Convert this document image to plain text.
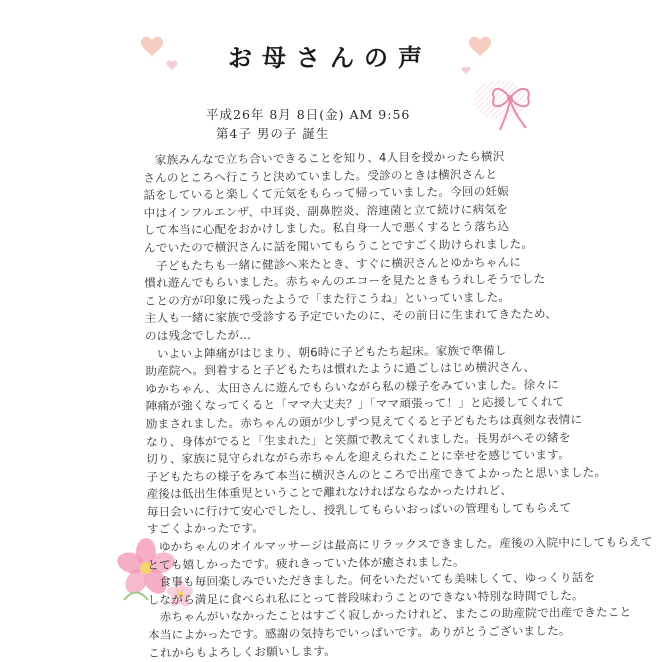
お母さんの声
平成26年 8月 8日(金) AM 9:56
第4子 男の子 誕生
　家族みんなで立ち合いできることを知り、4人目を授かったら横沢
さんのところへ行こうと決めていました。受診のときは横沢さんと
話をしていると楽しくて元気をもらって帰っていました。今回の妊娠
中はインフルエンザ、中耳炎、副鼻腔炎、溶連菌と立て続けに病気を
して本当に心配をおかけしました。私自身一人で悪くするとう落ち込
んでいたので横沢さんに話を聞いてもらうことですごく助けられました。
　子どもたちも一緒に健診へ来たとき、すぐに横沢さんとゆかちゃんに
慣れ遊んでもらいました。赤ちゃんのエコーを見たときもうれしそうでした
ことの方が印象に残ったようで「また行こうね」といっていました。
主人も一緒に家族で受診する予定でいたのに、その前日に生まれてきたため、
のは残念でしたが…
　いよいよ陣痛がはじまり、朝6時に子どもたち起床。家族で準備し
助産院へ。到着すると子どもたちは慣れたように過ごしはじめ横沢さん、
ゆかちゃん、太田さんに遊んでもらいながら私の様子をみていました。徐々に
陣痛が強くなってくると「ママ大丈夫？」「ママ頑張って！」と応援してくれて
励まされました。赤ちゃんの頭が少しずつ見えてくると子どもたちは真剣な表情に
なり、身体がでると「生まれた」と笑顔で教えてくれました。長男がへその緒を
切り、家族に見守られながら赤ちゃんを迎えられたことに幸せを感じています。
子どもたちの様子をみて本当に横沢さんのところで出産できてよかったと思いました。
産後は低出生体重児ということで離れなければならなかったけれど、
毎日会いに行けて安心でしたし、授乳してもらいおっぱいの管理もしてもらえて
すごくよかったです。
　ゆかちゃんのオイルマッサージは最高にリラックスできました。産後の入院中にしてもらえて
とても嬉しかったです。疲れきっていた体が癒されました。
　食事も毎回楽しみでいただきました。何をいただいても美味しくて、ゆっくり話を
しながら満足に食べられ私にとって普段味わうことのできない特別な時間でした。
　赤ちゃんがいなかったことはすごく寂しかったけれど、またこの助産院で出産できたこと
本当によかったです。感謝の気持ちでいっぱいです。ありがとうございました。
これからもよろしくお願いします。
